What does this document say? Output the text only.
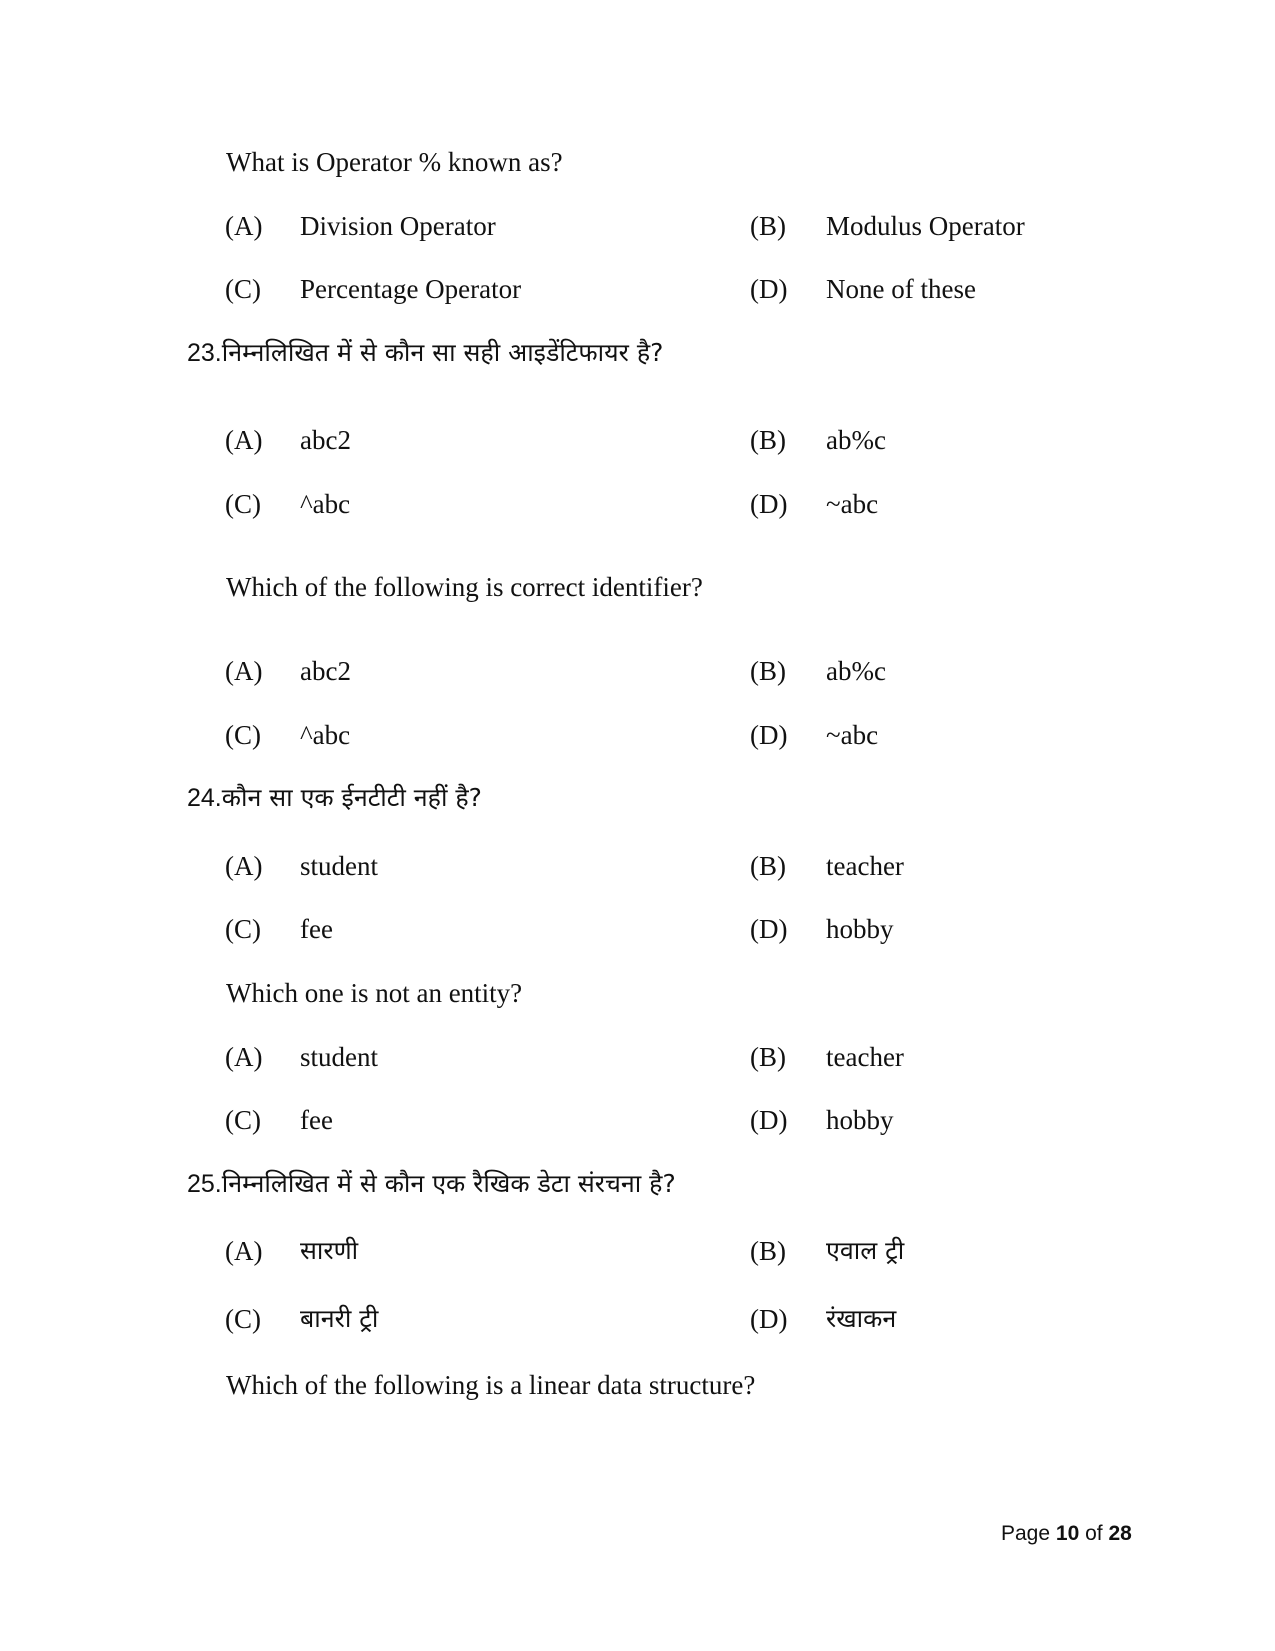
What is Operator % known as?
(A) Division Operator	(B) Modulus Operator
(C) Percentage Operator	(D) None of these
23.निम्नलिखित में से कौन सा सही आइडेंटिफायर है?
(A) abc2	(B) ab%c
(C) ^abc	(D) ~abc
Which of the following is correct identifier?
(A) abc2	(B) ab%c
(C) ^abc	(D) ~abc
24.कौन सा एक ईनटीटी नहीं है?
(A) student	(B) teacher
(C) fee	(D) hobby
Which one is not an entity?
(A) student	(B) teacher
(C) fee	(D) hobby
25.निम्नलिखित में से कौन एक रैखिक डेटा संरचना है?
(A) सारणी	(B) एवाल ट्री
(C) बानरी ट्री	(D) रंखाकन
Which of the following is a linear data structure?
Page 10 of 28
